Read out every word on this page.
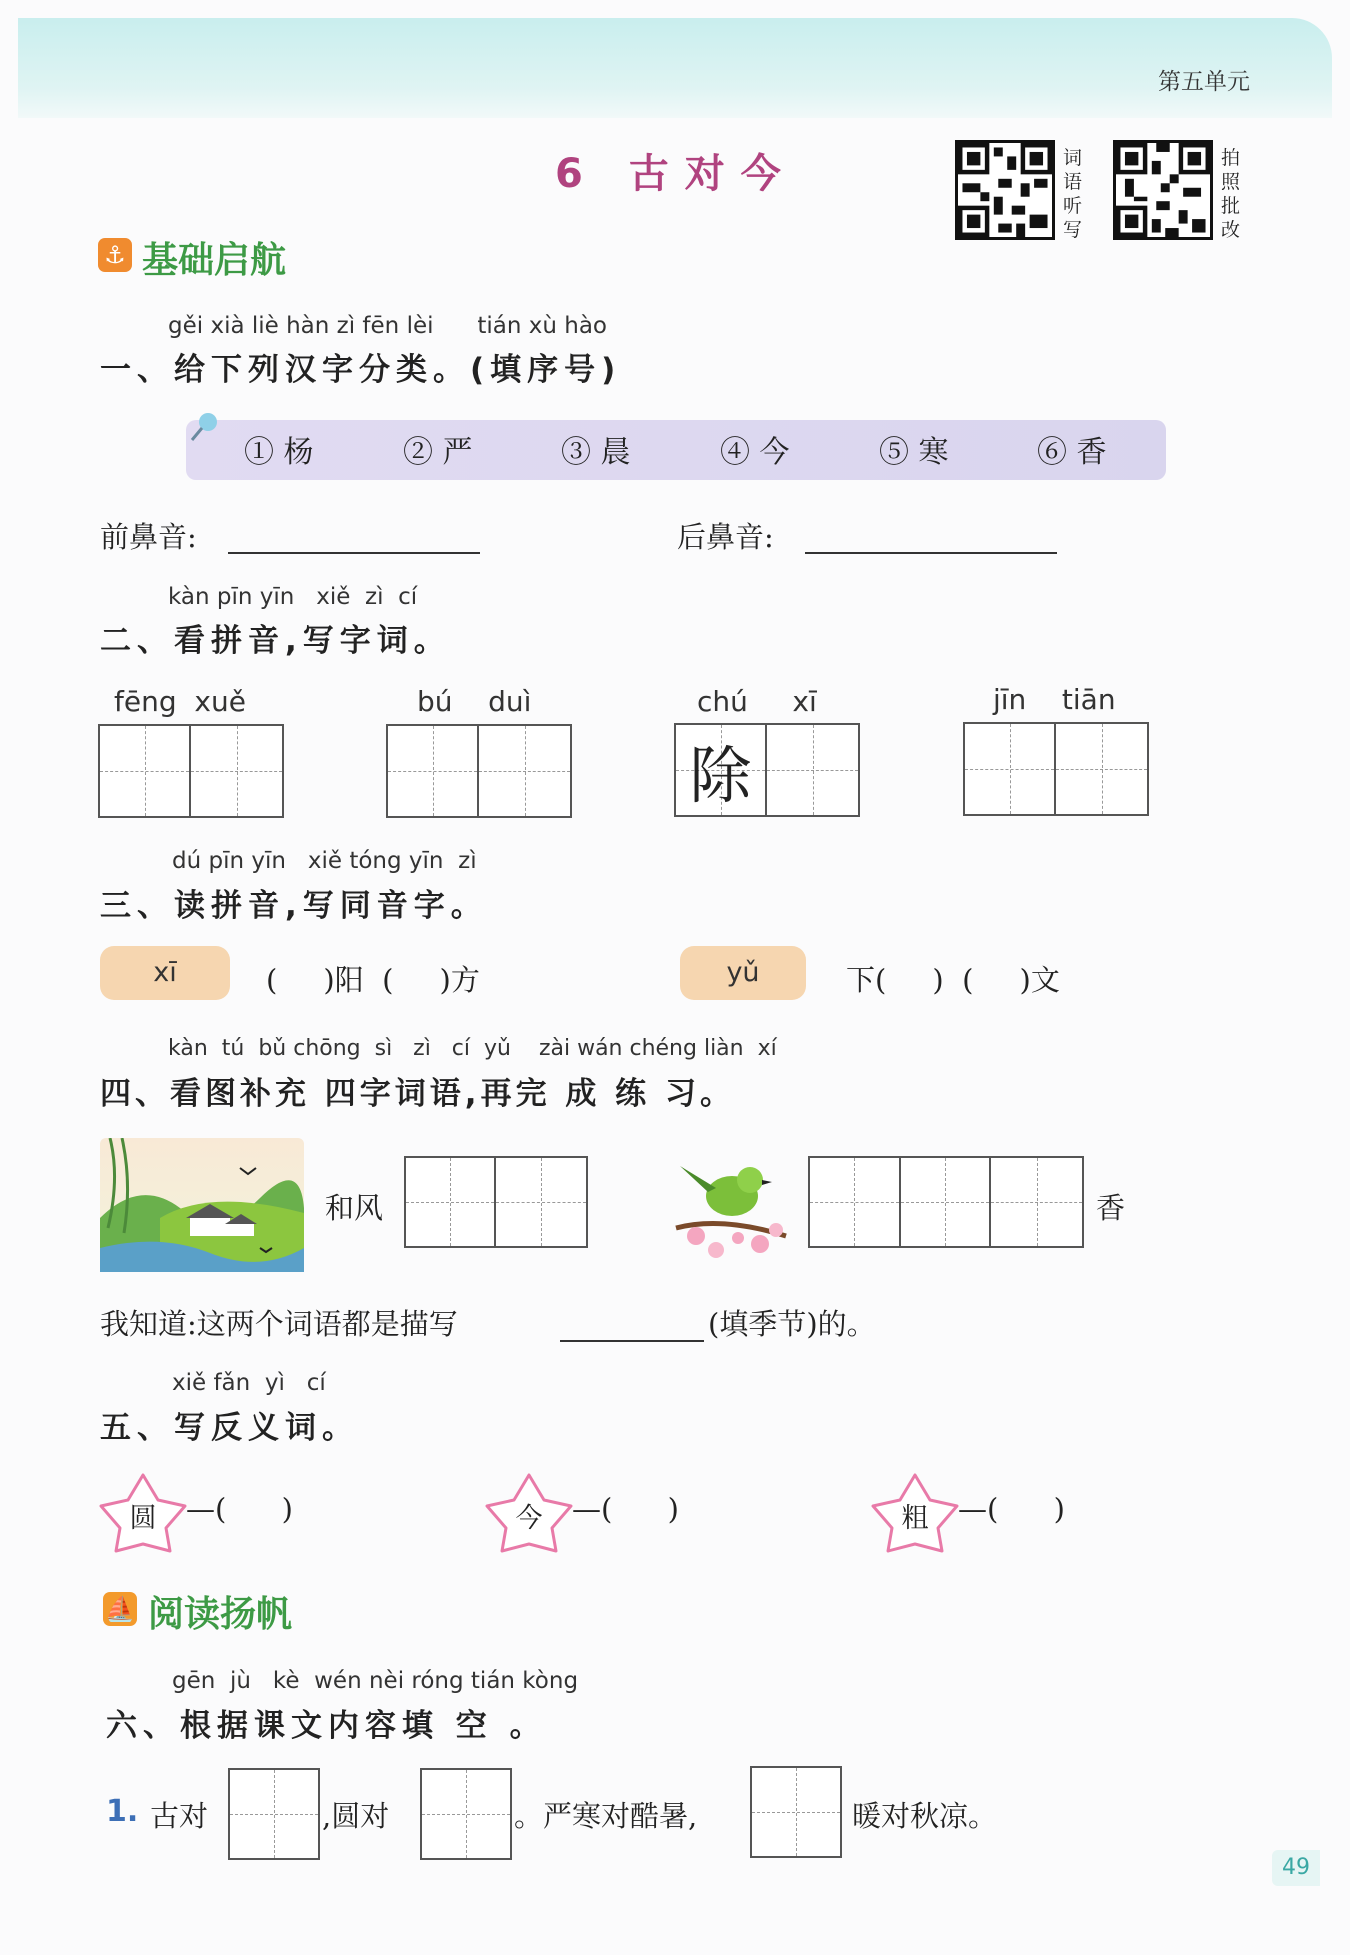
第五单元
6 古对今	词语听写
拍照批改
⚓ 基础启航
gěi xià liè hàn zì fēn lèi      tián xù hào
一、给下列汉字分类。(填序号)
① 杨	② 严	③ 晨	④ 今	⑤ 寒	⑥ 香
前鼻音:	后鼻音:
kàn pīn yīn   xiě  zì  cí
二、看拼音,写字词。
fēng  xuě	bú    duì	chú     xī
除
jīn    tiān
dú pīn yīn   xiě tóng yīn  zì
三、读拼音,写同音字。
xī	(     )阳  (     )方	yǔ	下(     )  (     )文
kàn  tú  bǔ chōng  sì   zì   cí  yǔ    zài wán chéng liàn  xí
四、看图补充 四字词语,再完 成 练 习。
和风	香
我知道:这两个词语都是描写	(填季节)的。
xiě fǎn  yì   cí
五、写反义词。
圆	—(      )	今	—(      )	粗	—(      )
⛵ 阅读扬帆
gēn  jù   kè  wén nèi róng tián kòng
六、根据课文内容填 空 。
1. 古对	,圆对	。严寒对酷暑,	暖对秋凉。
49
